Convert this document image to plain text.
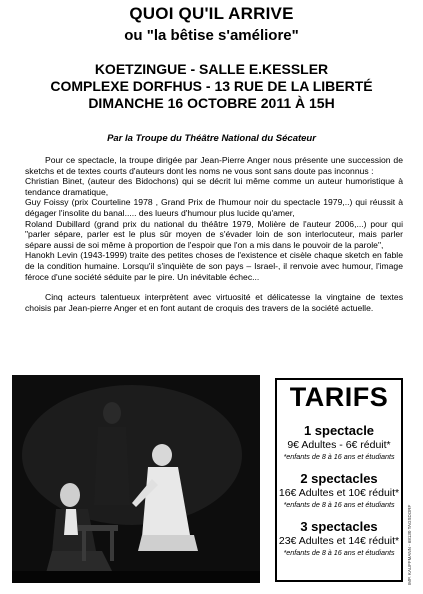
QUOI QU'IL ARRIVE
ou "la bêtise s'améliore"
KOETZINGUE - SALLE E.KESSLER
COMPLEXE DORFHUS - 13 RUE DE LA LIBERTÉ
DIMANCHE 16 OCTOBRE 2011 À 15H
Par la Troupe du Théâtre National du Sécateur

Pour ce spectacle, la troupe dirigée par Jean-Pierre Anger nous présente une succession de sketchs et de textes courts d'auteurs dont les noms ne vous sont sans doute pas inconnus :

Christian Binet, (auteur des Bidochons) qui se décrit lui même comme un auteur humoristique à tendance dramatique,

Guy Foissy (prix Courteline 1978 , Grand Prix de l'humour noir du spectacle 1979,..) qui réussit à dégager l'insolite du banal..... des lueurs d'humour plus lucide qu'amer,

Roland Dubillard (grand prix du national du théâtre 1979, Molière de l'auteur 2006,...) pour qui "parler sépare, parler est le plus sûr moyen de s'évader loin de son interlocuteur, mais parler sépare aussi de soi même à proportion de l'espoir que l'on a mis dans le pouvoir de la parole",

Hanokh Levin (1943-1999) traite des petites choses de l'existence et cisèle chaque sketch en fable de la condition humaine. Lorsqu'il s'inquiète de son pays – Israel-, il renvoie avec humour, l'image féroce d'une société séduite par le pire. Un inévitable échec...

Cinq acteurs talentueux interprètent avec virtuosité et délicatesse la vingtaine de textes choisis par Jean-pierre Anger et en font autant de croquis des travers de la société actuelle.

TARIFS
1 spectacle
9€ Adultes - 6€ réduit*
*enfants de 8 à 16 ans et étudiants
2 spectacles
16€ Adultes et 10€ réduit*
*enfants de 8 à 16 ans et étudiants
3 spectacles
23€ Adultes et 14€ réduit*
*enfants de 8 à 16 ans et étudiants	IMP. KAUFFMANN - 68130 TAGSDORF
